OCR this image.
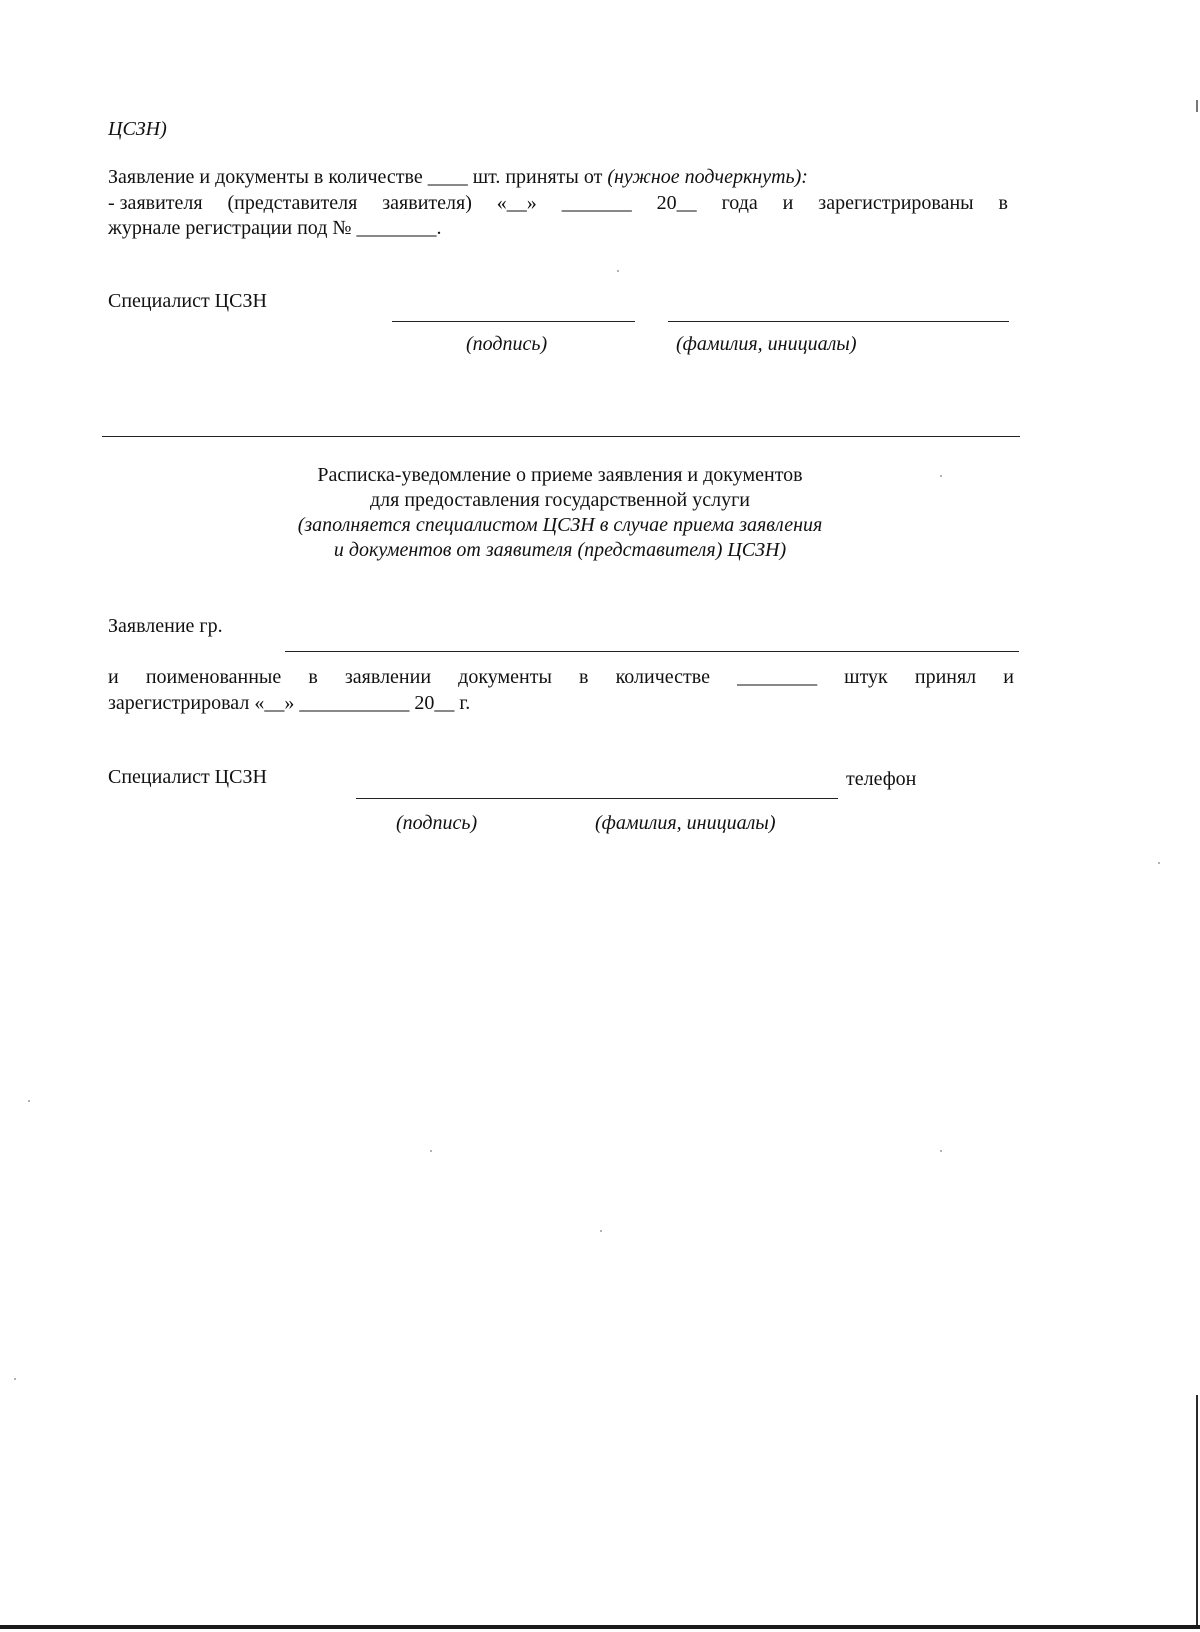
ЦСЗН)
Заявление и документы в количестве ____ шт. приняты от (нужное подчеркнуть):
- заявителя (представителя заявителя) «__» _______ 20__ года и зарегистрированы в
журнале регистрации под № ________.
Специалист ЦСЗН
(подпись)	(фамилия, инициалы)
Расписка-уведомление о приеме заявления и документов
для предоставления государственной услуги
(заполняется специалистом ЦСЗН в случае приема заявления
и документов от заявителя (представителя) ЦСЗН)
Заявление гр.
и поименованные в заявлении документы в количестве ________ штук принял и
зарегистрировал «__» ___________ 20__ г.
Специалист ЦСЗН	телефон
(подпись)	(фамилия, инициалы)
